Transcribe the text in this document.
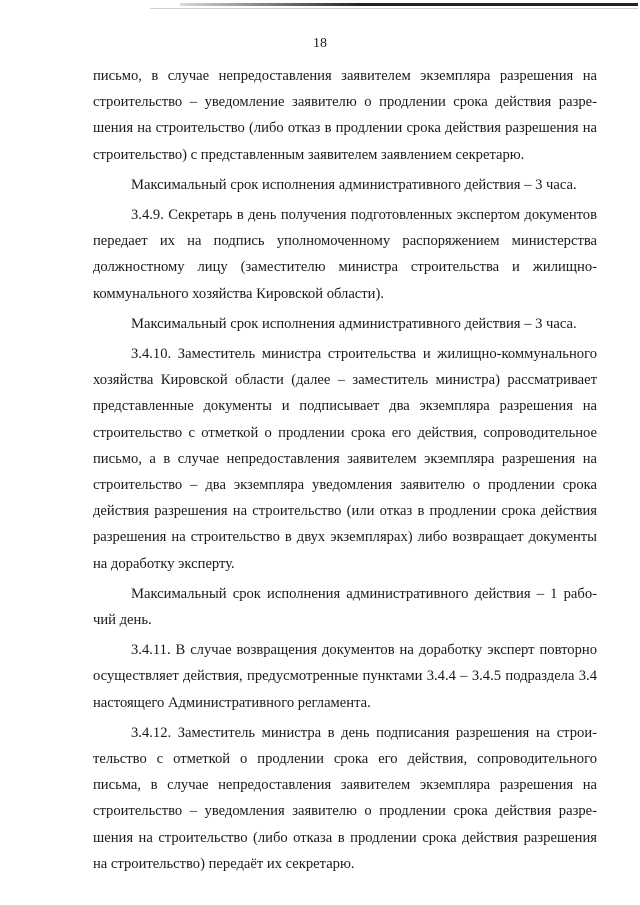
18

письмо, в случае непредоставления заявителем экземпляра разрешения на строительство – уведомление заявителю о продлении срока действия разрешения на строительство (либо отказ в продлении срока действия разрешения на строительство) с представленным заявителем заявлением секретарю.

Максимальный срок исполнения административного действия – 3 часа.

3.4.9. Секретарь в день получения подготовленных экспертом документов передает их на подпись уполномоченному распоряжением министерства должностному лицу (заместителю министра строительства и жилищно-коммунального хозяйства Кировской области).

Максимальный срок исполнения административного действия – 3 часа.

3.4.10. Заместитель министра строительства и жилищно-коммунального хозяйства Кировской области (далее – заместитель министра) рассматривает представленные документы и подписывает два экземпляра разрешения на строительство с отметкой о продлении срока его действия, сопроводительное письмо, а в случае непредоставления заявителем экземпляра разрешения на строительство – два экземпляра уведомления заявителю о продлении срока действия разрешения на строительство (или отказ в продлении срока действия разрешения на строительство в двух экземплярах) либо возвращает документы на доработку эксперту.

Максимальный срок исполнения административного действия – 1 рабочий день.

3.4.11. В случае возвращения документов на доработку эксперт повторно осуществляет действия, предусмотренные пунктами 3.4.4 – 3.4.5 подраздела 3.4 настоящего Административного регламента.

3.4.12. Заместитель министра в день подписания разрешения на строительство с отметкой о продлении срока его действия, сопроводительного письма, в случае непредоставления заявителем экземпляра разрешения на строительство – уведомления заявителю о продлении срока действия разрешения на строительство (либо отказа в продлении срока действия разрешения на строительство) передаёт их секретарю.
